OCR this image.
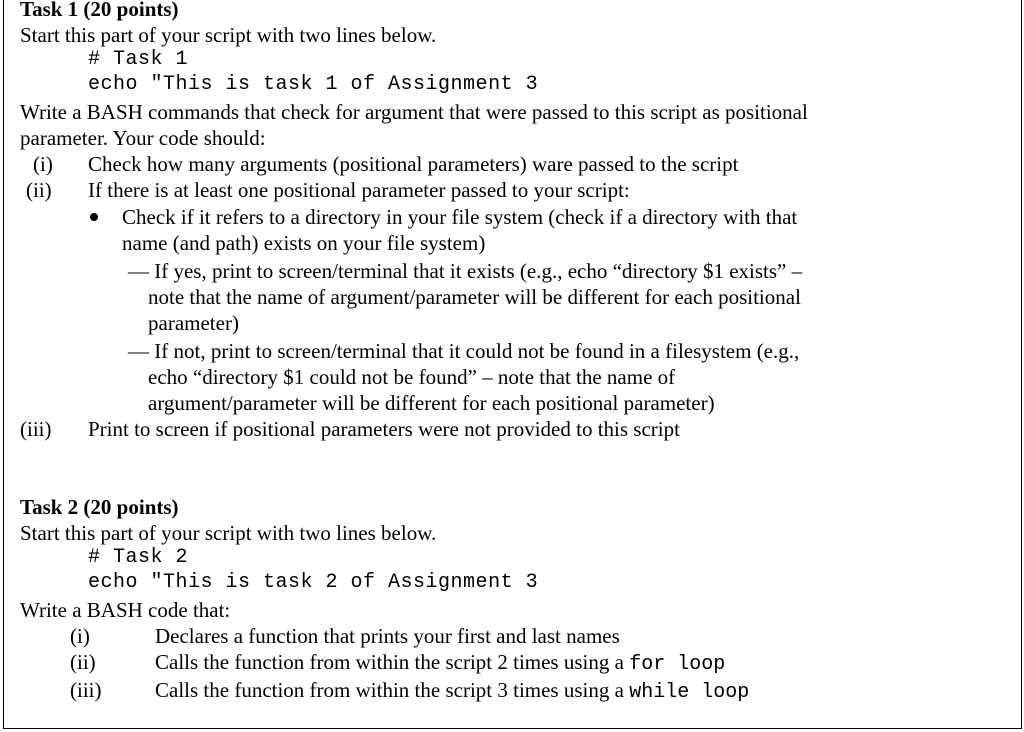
Task 1 (20 points)
Start this part of your script with two lines below.
# Task 1
echo "This is task 1 of Assignment 3
Write a BASH commands that check for argument that were passed to this script as positional
parameter. Your code should:
(i) Check how many arguments (positional parameters) ware passed to the script
(ii) If there is at least one positional parameter passed to your script:
Check if it refers to a directory in your file system (check if a directory with that
name (and path) exists on your file system)
— If yes, print to screen/terminal that it exists (e.g., echo “directory $1 exists” –
note that the name of argument/parameter will be different for each positional
parameter)
— If not, print to screen/terminal that it could not be found in a filesystem (e.g.,
echo “directory $1 could not be found” – note that the name of
argument/parameter will be different for each positional parameter)
(iii) Print to screen if positional parameters were not provided to this script
Task 2 (20 points)
Start this part of your script with two lines below.
# Task 2
echo "This is task 2 of Assignment 3
Write a BASH code that:
(i)	Declares a function that prints your first and last names
(ii)	Calls the function from within the script 2 times using a for loop
(iii)	Calls the function from within the script 3 times using a while loop
